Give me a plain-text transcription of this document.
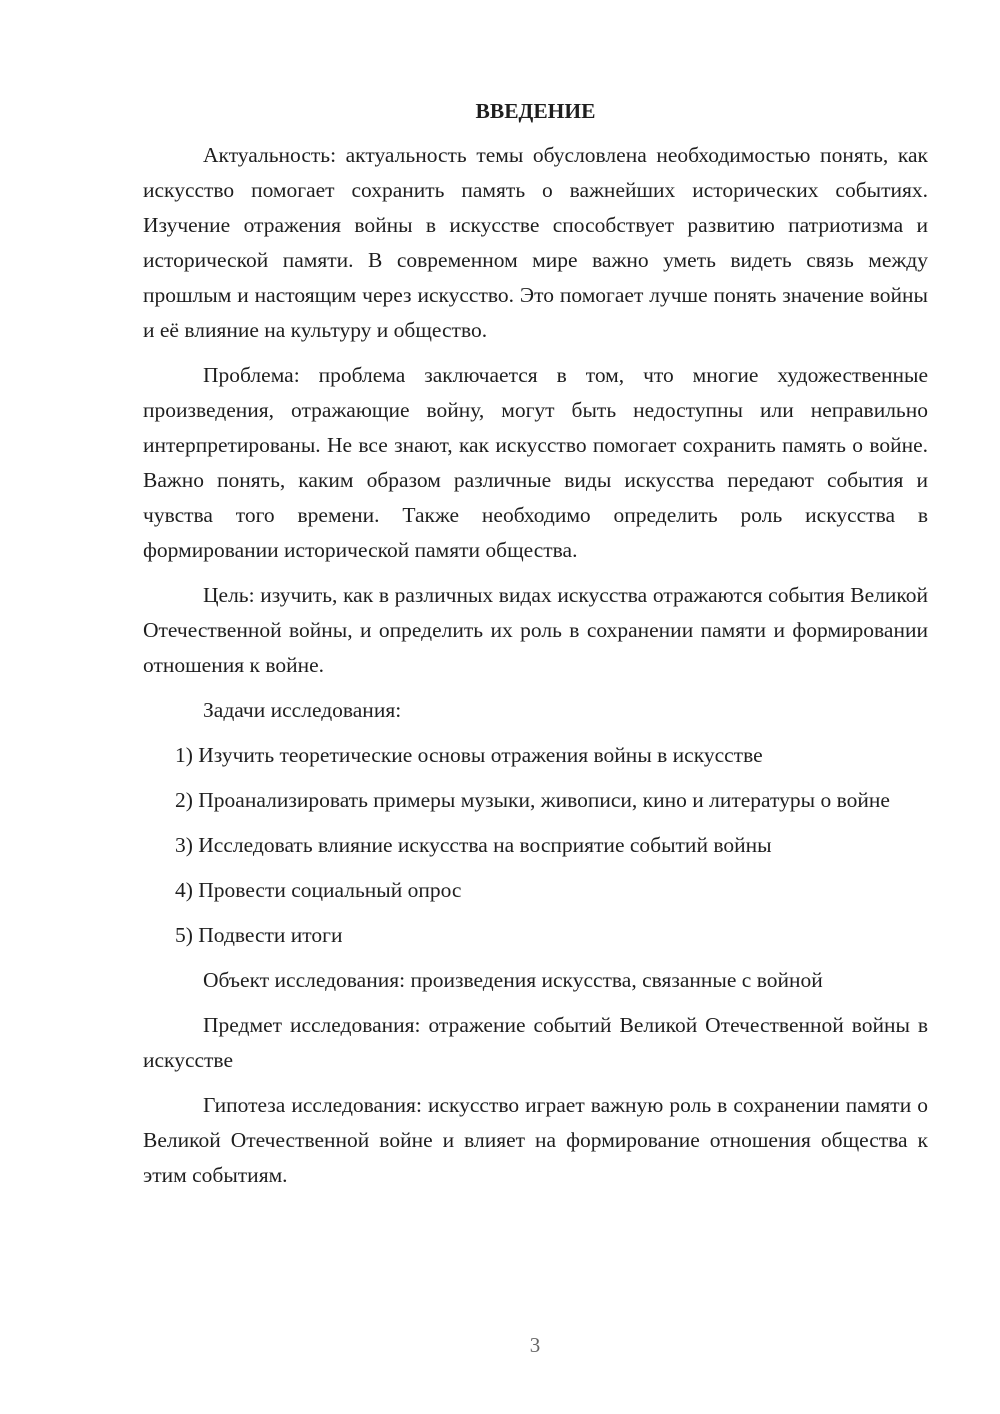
ВВЕДЕНИЕ

Актуальность: актуальность темы обусловлена необходимостью понять, как искусство помогает сохранить память о важнейших исторических событиях. Изучение отражения войны в искусстве способствует развитию патриотизма и исторической памяти. В современном мире важно уметь видеть связь между прошлым и настоящим через искусство. Это помогает лучше понять значение войны и её влияние на культуру и общество.

Проблема: проблема заключается в том, что многие художественные произведения, отражающие войну, могут быть недоступны или неправильно интерпретированы. Не все знают, как искусство помогает сохранить память о войне. Важно понять, каким образом различные виды искусства передают события и чувства того времени. Также необходимо определить роль искусства в формировании исторической памяти общества.

Цель: изучить, как в различных видах искусства отражаются события Великой Отечественной войны, и определить их роль в сохранении памяти и формировании отношения к войне.

Задачи исследования:

1) Изучить теоретические основы отражения войны в искусстве

2) Проанализировать примеры музыки, живописи, кино и литературы о войне

3) Исследовать влияние искусства на восприятие событий войны

4) Провести социальный опрос

5) Подвести итоги

Объект исследования: произведения искусства, связанные с войной

Предмет исследования: отражение событий Великой Отечественной войны в искусстве

Гипотеза исследования: искусство играет важную роль в сохранении памяти о Великой Отечественной войне и влияет на формирование отношения общества к этим событиям.

3
